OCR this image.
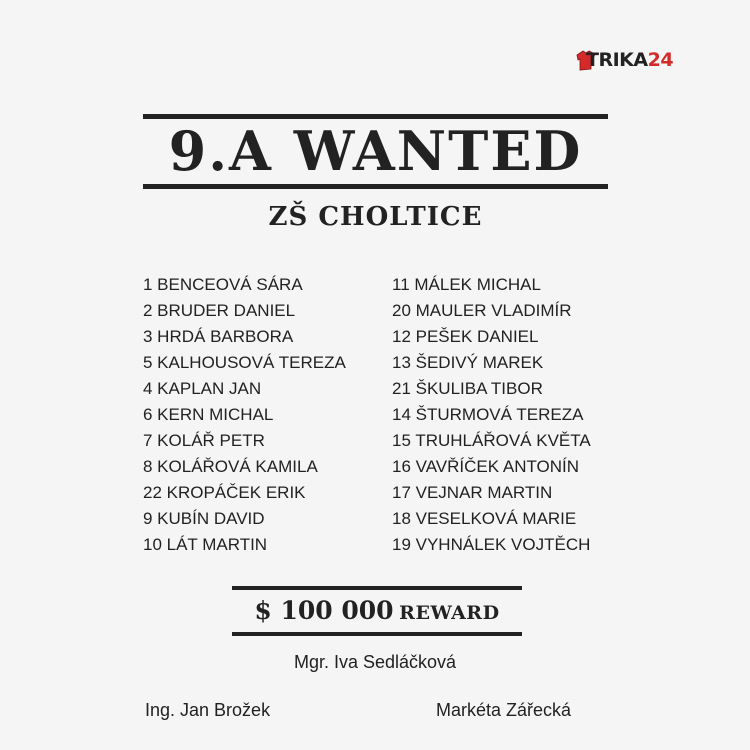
TRIKA24
9.A WANTED
ZŠ CHOLTICE
1 BENCEOVÁ SÁRA
2 BRUDER DANIEL
3 HRDÁ BARBORA
5 KALHOUSOVÁ TEREZA
4 KAPLAN JAN
6 KERN MICHAL
7 KOLÁŘ PETR
8 KOLÁŘOVÁ KAMILA
22 KROPÁČEK ERIK
9 KUBÍN DAVID
10 LÁT MARTIN
11 MÁLEK MICHAL
20 MAULER VLADIMÍR
12 PEŠEK DANIEL
13 ŠEDIVÝ MAREK
21 ŠKULIBA TIBOR
14 ŠTURMOVÁ TEREZA
15 TRUHLÁŘOVÁ KVĚTA
16 VAVŘÍČEK ANTONÍN
17 VEJNAR MARTIN
18 VESELKOVÁ MARIE
19 VYHNÁLEK VOJTĚCH
$ 100 000 REWARD
Mgr. Iva Sedláčková
Ing. Jan Brožek	Markéta Zářecká
